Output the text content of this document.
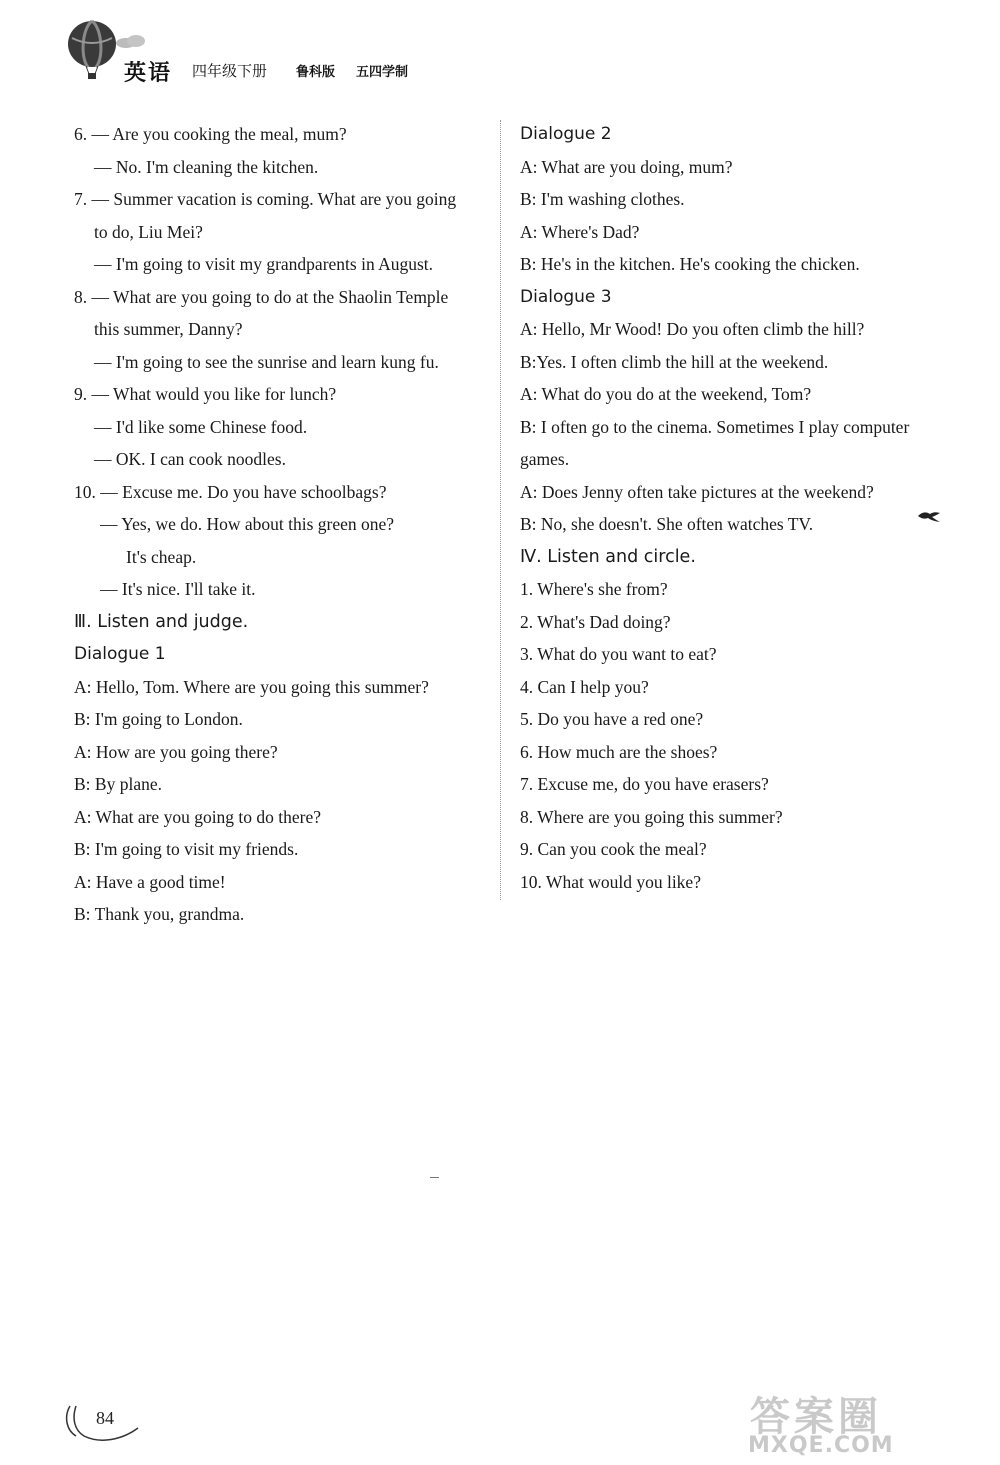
英语 四年级下册 鲁科版 五四学制
6. — Are you cooking the meal, mum?
— No. I'm cleaning the kitchen.
7. — Summer vacation is coming. What are you going
to do, Liu Mei?
— I'm going to visit my grandparents in August.
8. — What are you going to do at the Shaolin Temple
this summer, Danny?
— I'm going to see the sunrise and learn kung fu.
9. — What would you like for lunch?
— I'd like some Chinese food.
— OK. I can cook noodles.
10. — Excuse me. Do you have schoolbags?
— Yes, we do. How about this green one?
It's cheap.
— It's nice. I'll take it.
Ⅲ. Listen and judge.
Dialogue 1
A: Hello, Tom. Where are you going this summer?
B: I'm going to London.
A: How are you going there?
B: By plane.
A: What are you going to do there?
B: I'm going to visit my friends.
A: Have a good time!
B: Thank you, grandma.
Dialogue 2
A: What are you doing, mum?
B: I'm washing clothes.
A: Where's Dad?
B: He's in the kitchen. He's cooking the chicken.
Dialogue 3
A: Hello, Mr Wood! Do you often climb the hill?
B:Yes. I often climb the hill at the weekend.
A: What do you do at the weekend, Tom?
B: I often go to the cinema. Sometimes I play computer
games.
A: Does Jenny often take pictures at the weekend?
B: No, she doesn't. She often watches TV.
Ⅳ. Listen and circle.
1. Where's she from?
2. What's Dad doing?
3. What do you want to eat?
4. Can I help you?
5. Do you have a red one?
6. How much are the shoes?
7. Excuse me, do you have erasers?
8. Where are you going this summer?
9. Can you cook the meal?
10. What would you like?
84	答案圈
MXQE.COM
